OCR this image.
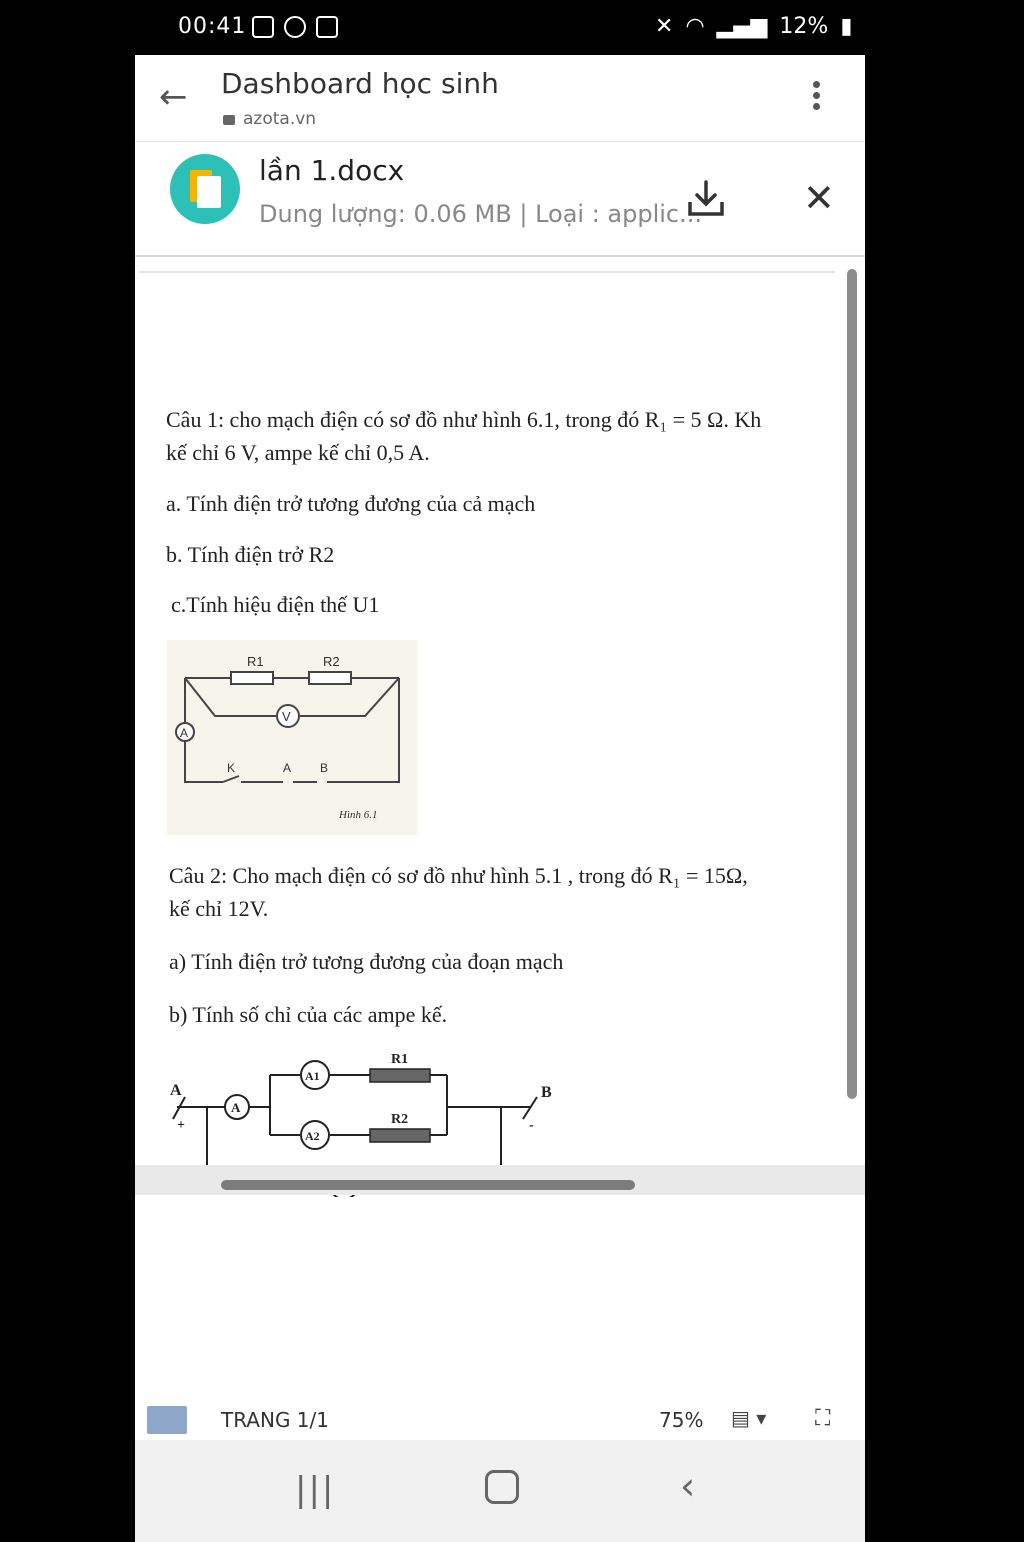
00:41	✕ ◠ ▂▄▆ 12% ▮
← Dashboard học sinh
azota.vn
lần 1.docx
Dung lượng: 0.06 MB | Loại : applic...	✕
Câu 1: cho mạch điện có sơ đồ như hình 6.1, trong đó R₁ = 5 Ω. Kh
kế chỉ 6 V, ampe kế chỉ 0,5 A.
a. Tính điện trở tương đương của cả mạch
b. Tính điện trở R2
c.Tính hiệu điện thế U1
R1	R2
V
A
K	A B
Hình 6.1
Câu 2: Cho mạch điện có sơ đồ như hình 5.1 , trong đó R₁ = 15Ω,
kế chỉ 12V.
a) Tính điện trở tương đương của đoạn mạch
b) Tính số chỉ của các ampe kế.
A
+
B
-
A
A1
A2
R1
R2
TRANG 1/1	75% ▤ ▾ ⛶
|||	‹
